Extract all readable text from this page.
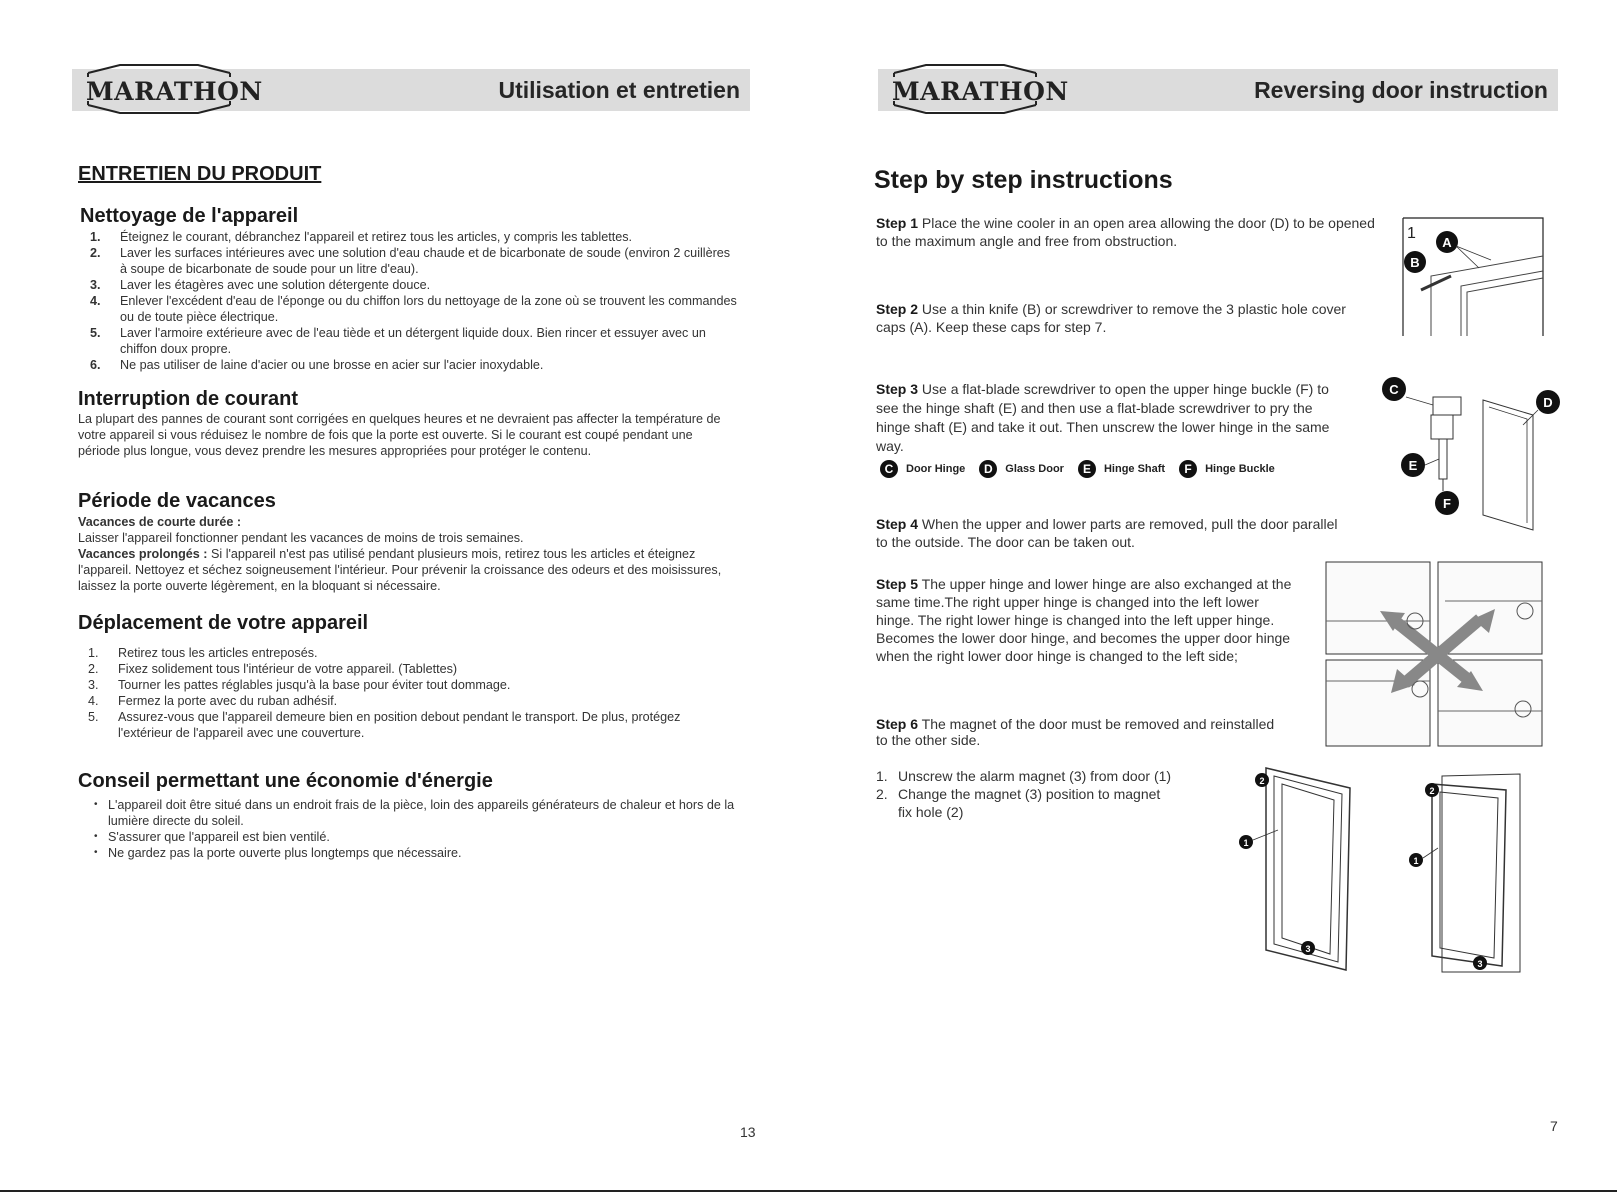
MARATHON	Utilisation et entretien
ENTRETIEN DU PRODUIT
Nettoyage de l'appareil
1. Éteignez le courant, débranchez l'appareil et retirez tous les articles, y compris les tablettes.
2. Laver les surfaces intérieures avec une solution d'eau chaude et de bicarbonate de soude (environ 2 cuillères à soupe de bicarbonate de soude pour un litre d'eau).
3. Laver les étagères avec une solution détergente douce.
4. Enlever l'excédent d'eau de l'éponge ou du chiffon lors du nettoyage de la zone où se trouvent les commandes ou de toute pièce électrique.
5. Laver l'armoire extérieure avec de l'eau tiède et un détergent liquide doux. Bien rincer et essuyer avec un chiffon doux propre.
6. Ne pas utiliser de laine d'acier ou une brosse en acier sur l'acier inoxydable.
Interruption de courant
La plupart des pannes de courant sont corrigées en quelques heures et ne devraient pas affecter la température de votre appareil si vous réduisez le nombre de fois que la porte est ouverte. Si le courant est coupé pendant une période plus longue, vous devez prendre les mesures appropriées pour protéger le contenu.
Période de vacances
Vacances de courte durée :
Laisser l'appareil fonctionner pendant les vacances de moins de trois semaines.
Vacances prolongés : Si l'appareil n'est pas utilisé pendant plusieurs mois, retirez tous les articles et éteignez l'appareil. Nettoyez et séchez soigneusement l'intérieur. Pour prévenir la croissance des odeurs et des moisissures, laissez la porte ouverte légèrement, en la bloquant si nécessaire.
Déplacement de votre appareil
1. Retirez tous les articles entreposés.
2. Fixez solidement tous l'intérieur de votre appareil. (Tablettes)
3. Tourner les pattes réglables jusqu'à la base pour éviter tout dommage.
4. Fermez la porte avec du ruban adhésif.
5. Assurez-vous que l'appareil demeure bien en position debout pendant le transport. De plus, protégez l'extérieur de l'appareil avec une couverture.
Conseil permettant une économie d'énergie
• L'appareil doit être situé dans un endroit frais de la pièce, loin des appareils générateurs de chaleur et hors de la lumière directe du soleil.
• S'assurer que l'appareil est bien ventilé.
• Ne gardez pas la porte ouverte plus longtemps que nécessaire.
13
MARATHON	Reversing door instruction
Step by step instructions
Step 1 Place the wine cooler in an open area allowing the door (D) to be opened to the maximum angle and free from obstruction.
Step 2 Use a thin knife (B) or screwdriver to remove the 3 plastic hole cover caps (A). Keep these caps for step 7.
1
A
B
Step 3 Use a flat-blade screwdriver to open the upper hinge buckle (F) to see the hinge shaft (E) and then use a flat-blade screwdriver to pry the hinge shaft (E) and take it out. Then unscrew the lower hinge in the same way.
C	Door Hinge	D	Glass Door	E	Hinge Shaft	F	Hinge Buckle
C
D
E
F
Step 4 When the upper and lower parts are removed, pull the door parallel to the outside. The door can be taken out.
Step 5 The upper hinge and lower hinge are also exchanged at the same time.The right upper hinge is changed into the left lower hinge. The right lower hinge is changed into the left upper hinge. Becomes the lower door hinge, and becomes the upper door hinge when the right lower door hinge is changed to the left side;
Step 6 The magnet of the door must be removed and reinstalled to the other side.
1. Unscrew the alarm magnet (3) from door (1)
2. Change the magnet (3) position to magnet fix hole (2)
2
1
3
2
1
3
7
